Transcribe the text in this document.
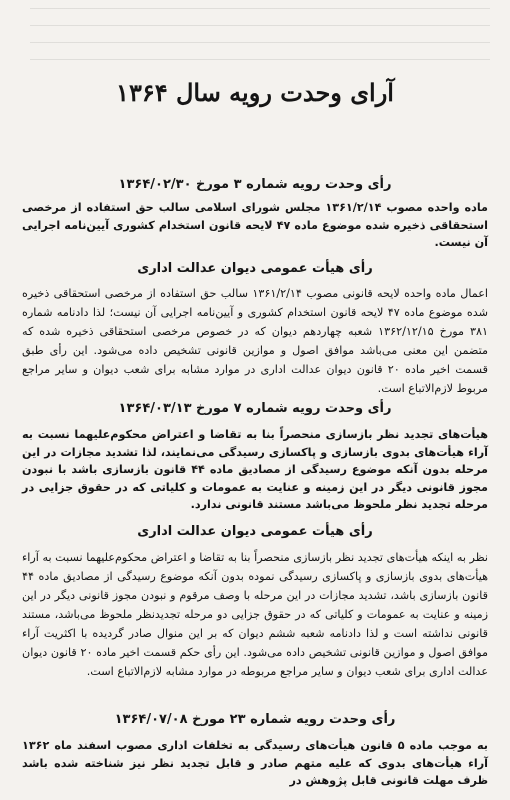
آرای وحدت رویه سال ۱۳۶۴

رأی وحدت رویه شماره ۳ مورخ ۱۳۶۴/۰۲/۳۰

ماده واحده مصوب ۱۳۶۱/۲/۱۴ مجلس شورای اسلامی سالب حق استفاده از مرخصی استحقاقی ذخیره شده موضوع ماده ۴۷ لایحه قانون استخدام کشوری آیین‌نامه اجرایی آن نیست.

رأی هیأت عمومی دیوان عدالت اداری

اعمال ماده واحده لایحه قانونی مصوب ۱۳۶۱/۲/۱۴ سالب حق استفاده از مرخصی استحقاقی ذخیره شده موضوع ماده ۴۷ لایحه قانون استخدام کشوری و آیین‌نامه اجرایی آن نیست؛ لذا دادنامه شماره ۳۸۱ مورخ ۱۳۶۲/۱۲/۱۵ شعبه چهاردهم دیوان که در خصوص مرخصی استحقاقی ذخیره شده که متضمن این معنی می‌باشد موافق اصول و موازین قانونی تشخیص داده می‌شود. این رأی طبق قسمت اخیر ماده ۲۰ قانون دیوان عدالت اداری در موارد مشابه برای شعب دیوان و سایر مراجع مربوط لازم‌الاتباع است.

رأی وحدت رویه شماره ۷ مورخ ۱۳۶۴/۰۳/۱۳

هیأت‌های تجدید نظر بازسازی منحصراً بنا به تقاضا و اعتراض محکوم‌علیهما نسبت به آراء هیأت‌های بدوی بازسازی و پاکسازی رسیدگی می‌نمایند، لذا تشدید مجازات در این مرحله بدون آنکه موضوع رسیدگی از مصادیق ماده ۴۴ قانون بازسازی باشد با نبودن مجوز قانونی دیگر در این زمینه و عنایت به عمومات و کلیاتی که در حقوق جزایی در مرحله تجدید نظر ملحوظ می‌باشد مستند قانونی ندارد.

رأی هیأت عمومی دیوان عدالت اداری

نظر به اینکه هیأت‌های تجدید نظر بازسازی منحصراً بنا به تقاضا و اعتراض محکوم‌علیهما نسبت به آراء هیأت‌های بدوی بازسازی و پاکسازی رسیدگی نموده بدون آنکه موضوع رسیدگی از مصادیق ماده ۴۴ قانون بازسازی باشد، تشدید مجازات در این مرحله با وصف مرقوم و نبودن مجوز قانونی دیگر در این زمینه و عنایت به عمومات و کلیاتی که در حقوق جزایی دو مرحله تجدیدنظر ملحوظ می‌باشد، مستند قانونی نداشته است و لذا دادنامه شعبه ششم دیوان که بر این منوال صادر گردیده با اکثریت آراء موافق اصول و موازین قانونی تشخیص داده می‌شود. این رأی حکم قسمت اخیر ماده ۲۰ قانون دیوان عدالت اداری برای شعب دیوان و سایر مراجع مربوطه در موارد مشابه لازم‌الاتباع است.

رأی وحدت رویه شماره ۲۳ مورخ ۱۳۶۴/۰۷/۰۸

به موجب ماده ۵ قانون هیأت‌های رسیدگی به تخلفات اداری مصوب اسفند ماه ۱۳۶۲ آراء هیأت‌های بدوی که علیه متهم صادر و قابل تجدید نظر نیز شناخته شده باشد ظرف مهلت قانونی قابل پژوهش در
